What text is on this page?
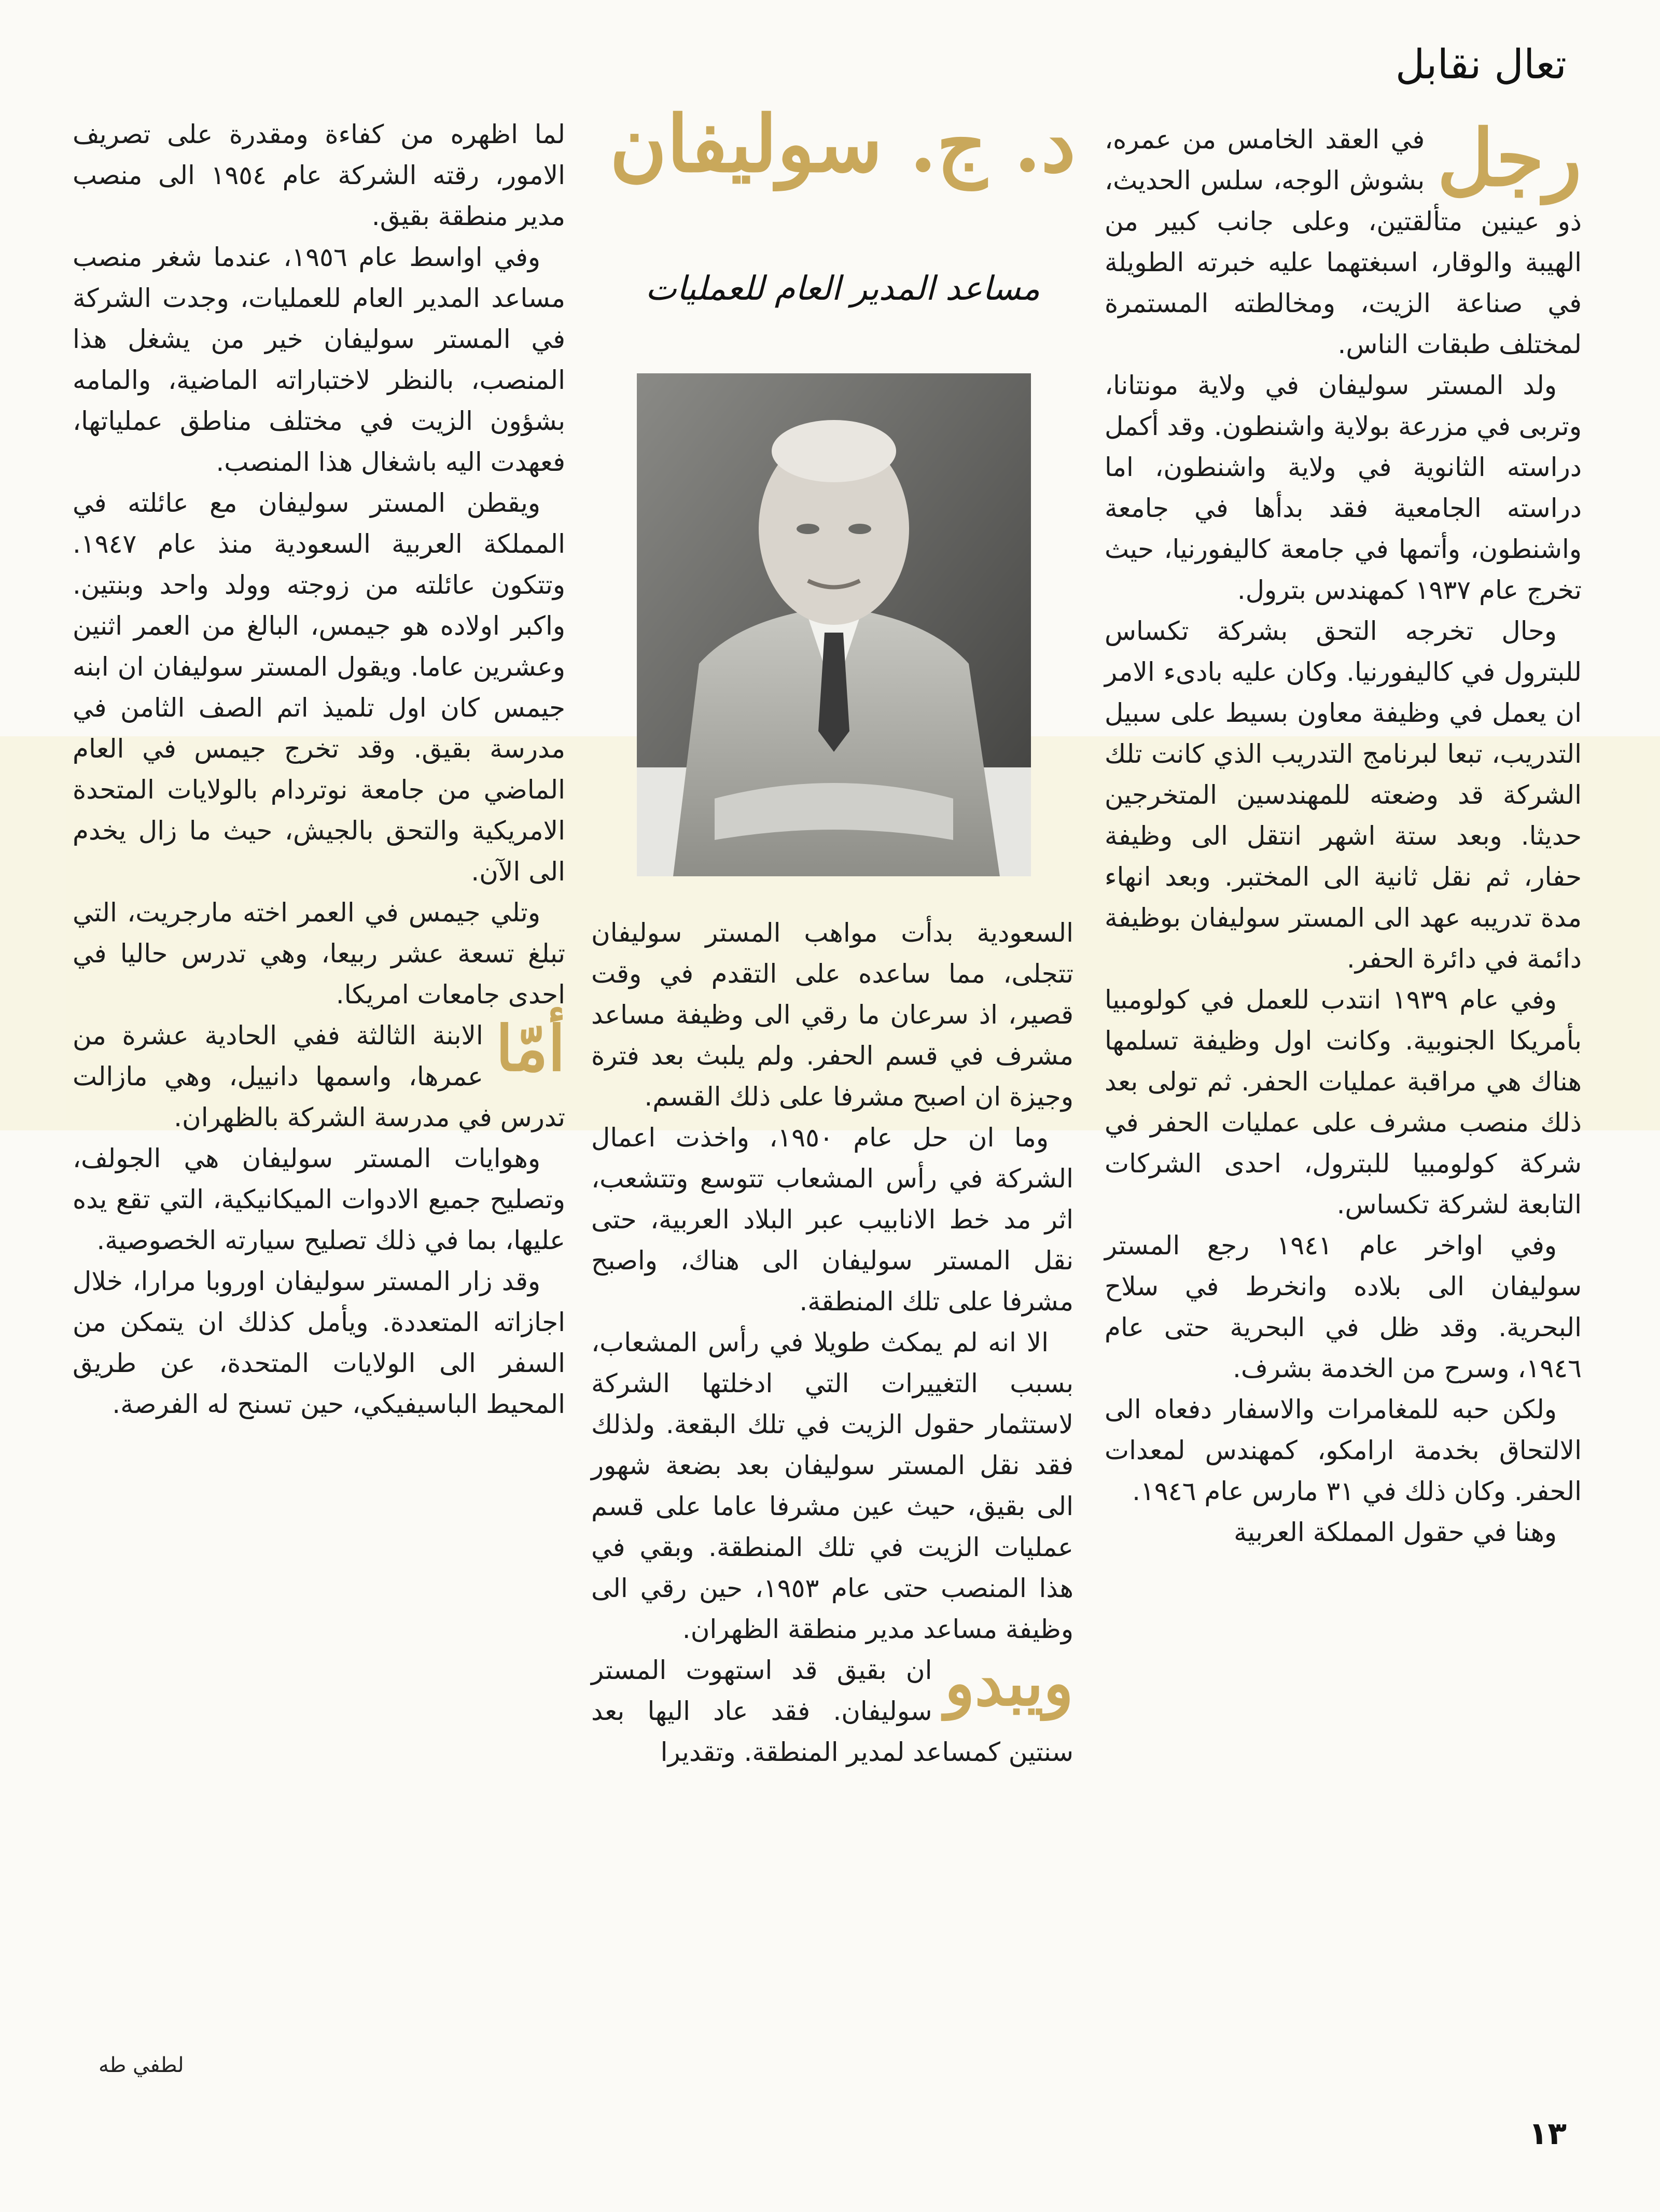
تعال نقابل
د. ج. سوليفان
مساعد المدير العام للعمليات

رجل
في العقد الخامس من عمره، بشوش الوجه، سلس الحديث، ذو عينين متألقتين، وعلى جانب كبير من الهيبة والوقار، اسبغتهما عليه خبرته الطويلة في صناعة الزيت، ومخالطته المستمرة لمختلف طبقات الناس.

ولد المستر سوليفان في ولاية مونتانا، وتربى في مزرعة بولاية واشنطون. وقد أكمل دراسته الثانوية في ولاية واشنطون، اما دراسته الجامعية فقد بدأها في جامعة واشنطون، وأتمها في جامعة كاليفورنيا، حيث تخرج عام ١٩٣٧ كمهندس بترول.

وحال تخرجه التحق بشركة تكساس للبترول في كاليفورنيا. وكان عليه بادىء الامر ان يعمل في وظيفة معاون بسيط على سبيل التدريب، تبعا لبرنامج التدريب الذي كانت تلك الشركة قد وضعته للمهندسين المتخرجين حديثا. وبعد ستة اشهر انتقل الى وظيفة حفار، ثم نقل ثانية الى المختبر. وبعد انهاء مدة تدريبه عهد الى المستر سوليفان بوظيفة دائمة في دائرة الحفر.

وفي عام ١٩٣٩ انتدب للعمل في كولومبيا بأمريكا الجنوبية. وكانت اول وظيفة تسلمها هناك هي مراقبة عمليات الحفر. ثم تولى بعد ذلك منصب مشرف على عمليات الحفر في شركة كولومبيا للبترول، احدى الشركات التابعة لشركة تكساس.

وفي اواخر عام ١٩٤١ رجع المستر سوليفان الى بلاده وانخرط في سلاح البحرية. وقد ظل في البحرية حتى عام ١٩٤٦، وسرح من الخدمة بشرف.

ولكن حبه للمغامرات والاسفار دفعاه الى الالتحاق بخدمة ارامكو، كمهندس لمعدات الحفر. وكان ذلك في ٣١ مارس عام ١٩٤٦.

وهنا في حقول المملكة العربية

السعودية بدأت مواهب المستر سوليفان تتجلى، مما ساعده على التقدم في وقت قصير، اذ سرعان ما رقي الى وظيفة مساعد مشرف في قسم الحفر. ولم يلبث بعد فترة وجيزة ان اصبح مشرفا على ذلك القسم.

وما ان حل عام ١٩٥٠، واخذت اعمال الشركة في رأس المشعاب تتوسع وتتشعب، اثر مد خط الانابيب عبر البلاد العربية، حتى نقل المستر سوليفان الى هناك، واصبح مشرفا على تلك المنطقة.

الا انه لم يمكث طويلا في رأس المشعاب، بسبب التغييرات التي ادخلتها الشركة لاستثمار حقول الزيت في تلك البقعة. ولذلك فقد نقل المستر سوليفان بعد بضعة شهور الى بقيق، حيث عين مشرفا عاما على قسم عمليات الزيت في تلك المنطقة. وبقي في هذا المنصب حتى عام ١٩٥٣، حين رقي الى وظيفة مساعد مدير منطقة الظهران.

ويبدو
ان بقيق قد استهوت المستر سوليفان. فقد عاد اليها بعد سنتين كمساعد لمدير المنطقة. وتقديرا

لما اظهره من كفاءة ومقدرة على تصريف الامور، رقته الشركة عام ١٩٥٤ الى منصب مدير منطقة بقيق.

وفي اواسط عام ١٩٥٦، عندما شغر منصب مساعد المدير العام للعمليات، وجدت الشركة في المستر سوليفان خير من يشغل هذا المنصب، بالنظر لاختباراته الماضية، والمامه بشؤون الزيت في مختلف مناطق عملياتها، فعهدت اليه باشغال هذا المنصب.

ويقطن المستر سوليفان مع عائلته في المملكة العربية السعودية منذ عام ١٩٤٧. وتتكون عائلته من زوجته وولد واحد وبنتين. واكبر اولاده هو جيمس، البالغ من العمر اثنين وعشرين عاما. ويقول المستر سوليفان ان ابنه جيمس كان اول تلميذ اتم الصف الثامن في مدرسة بقيق. وقد تخرج جيمس في العام الماضي من جامعة نوتردام بالولايات المتحدة الامريكية والتحق بالجيش، حيث ما زال يخدم الى الآن.

وتلي جيمس في العمر اخته مارجريت، التي تبلغ تسعة عشر ربيعا، وهي تدرس حاليا في احدى جامعات امريكا.

أمّا
الابنة الثالثة ففي الحادية عشرة من عمرها، واسمها دانييل، وهي مازالت تدرس في مدرسة الشركة بالظهران.

وهوايات المستر سوليفان هي الجولف، وتصليح جميع الادوات الميكانيكية، التي تقع يده عليها، بما في ذلك تصليح سيارته الخصوصية.

وقد زار المستر سوليفان اوروبا مرارا، خلال اجازاته المتعددة. ويأمل كذلك ان يتمكن من السفر الى الولايات المتحدة، عن طريق المحيط الباسيفيكي، حين تسنح له الفرصة.

لطفي طه
١٣
